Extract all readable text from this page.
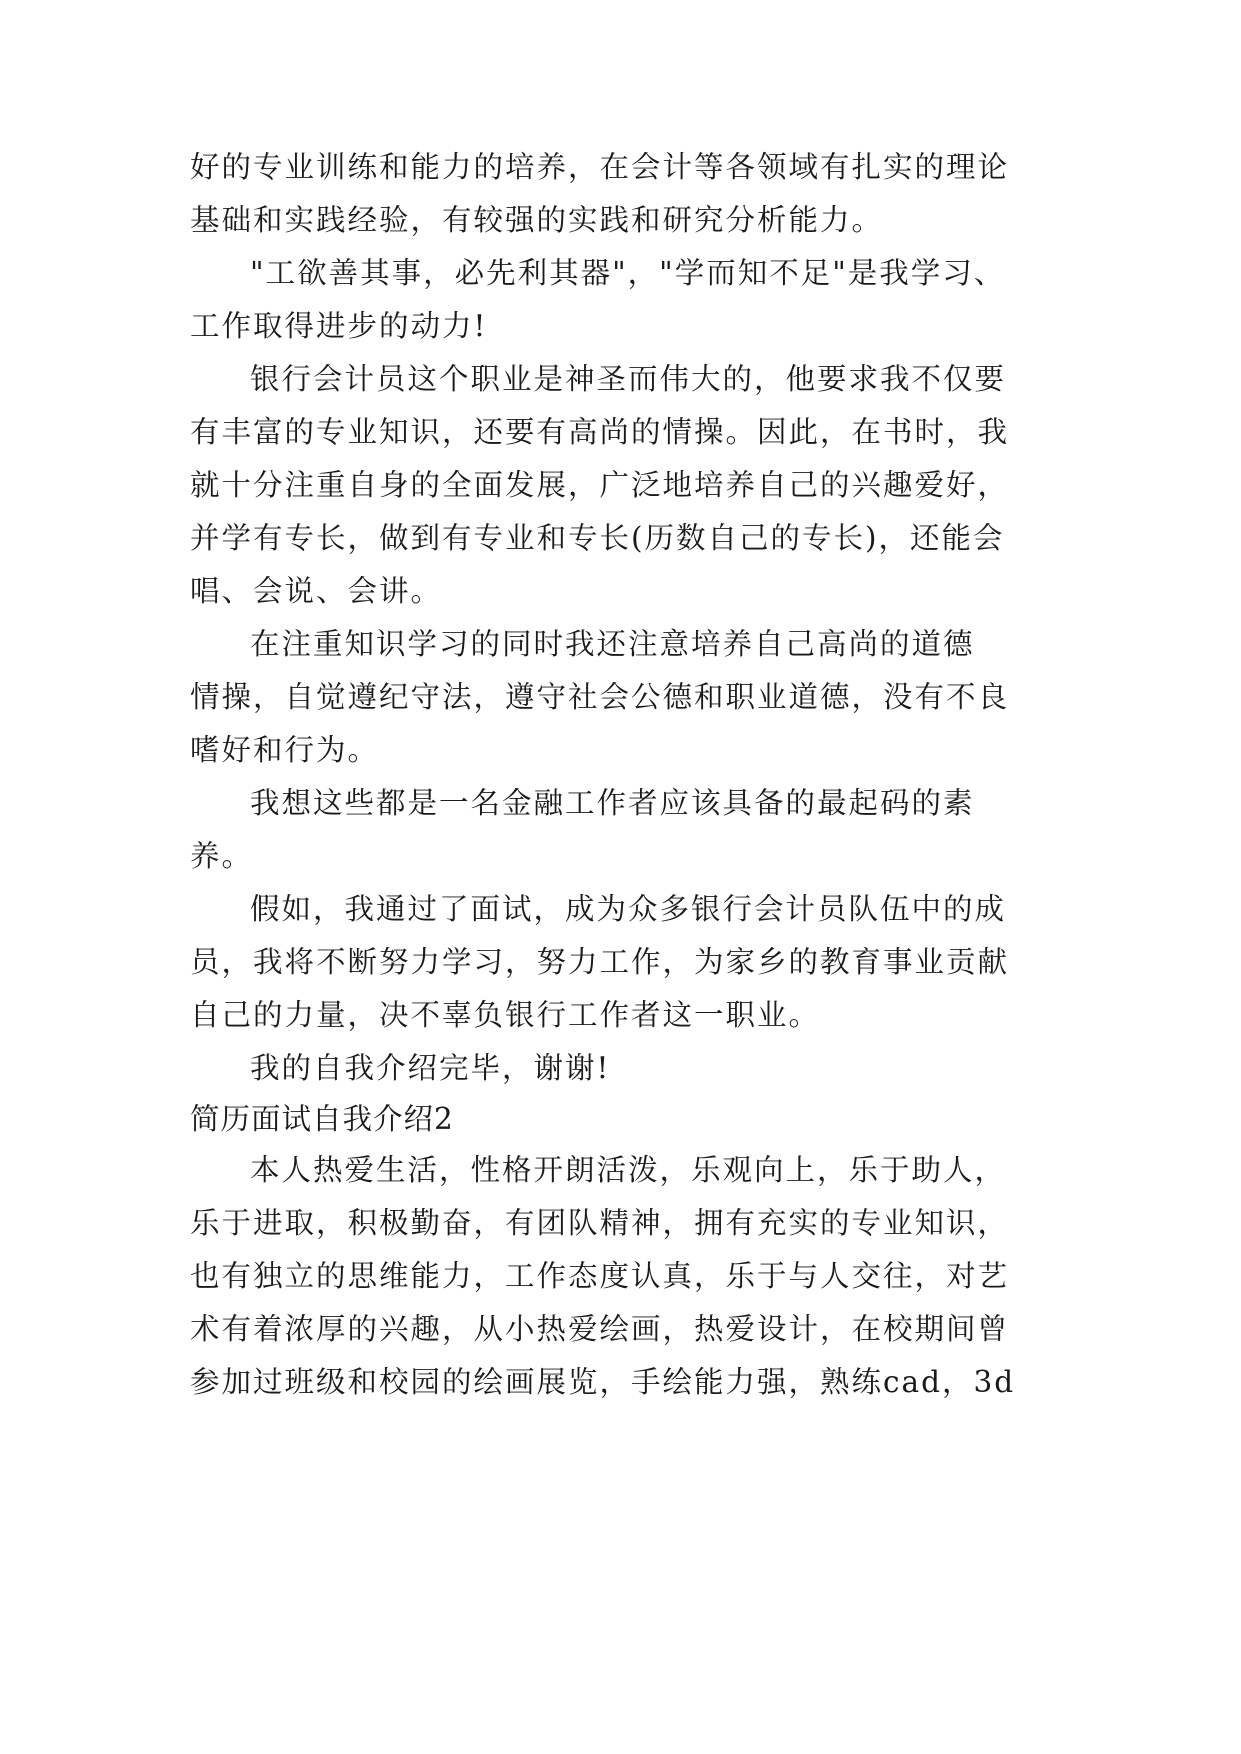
好的专业训练和能力的培养，在会计等各领域有扎实的理论
基础和实践经验，有较强的实践和研究分析能力。
"工欲善其事，必先利其器"，"学而知不足"是我学习、
工作取得进步的动力!
银行会计员这个职业是神圣而伟大的，他要求我不仅要
有丰富的专业知识，还要有高尚的情操。因此，在书时，我
就十分注重自身的全面发展，广泛地培养自己的兴趣爱好，
并学有专长，做到有专业和专长(历数自己的专长)，还能会
唱、会说、会讲。
在注重知识学习的同时我还注意培养自己高尚的道德
情操，自觉遵纪守法，遵守社会公德和职业道德，没有不良
嗜好和行为。
我想这些都是一名金融工作者应该具备的最起码的素
养。
假如，我通过了面试，成为众多银行会计员队伍中的成
员，我将不断努力学习，努力工作，为家乡的教育事业贡献
自己的力量，决不辜负银行工作者这一职业。
我的自我介绍完毕，谢谢!
简历面试自我介绍2
本人热爱生活，性格开朗活泼，乐观向上，乐于助人，
乐于进取，积极勤奋，有团队精神，拥有充实的专业知识，
也有独立的思维能力，工作态度认真，乐于与人交往，对艺
术有着浓厚的兴趣，从小热爱绘画，热爱设计，在校期间曾
参加过班级和校园的绘画展览，手绘能力强，熟练cad，3d
